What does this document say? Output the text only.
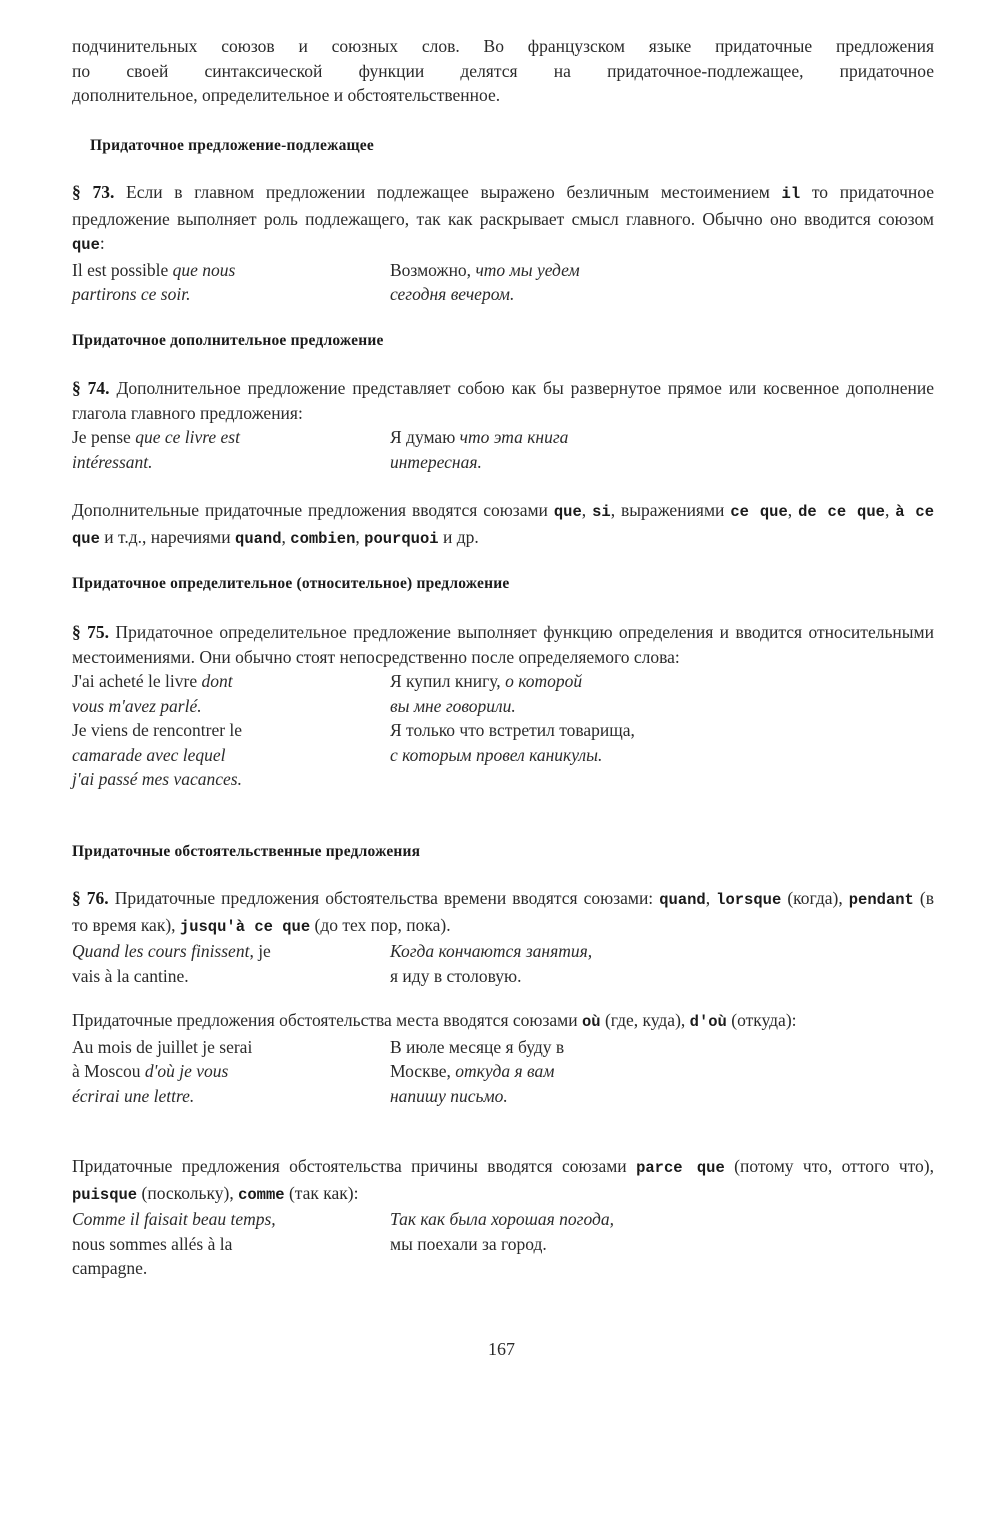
подчинительных союзов и союзных слов. Во французском языке придаточные предложения

по своей синтаксической функции делятся на придаточное-подлежащее, придаточное

дополнительное, определительное и обстоятельственное.

Придаточное предложение-подлежащее

§ 73. Если в главном предложении подлежащее выражено безличным местоимением il то придаточное предложение выполняет роль подлежащего, так как раскрывает смысл главного. Обычно оно вводится союзом que:

Il est possible que nous	Возможно, что мы уедем
partirons ce soir.	сегодня вечером.

Придаточное дополнительное предложение

§ 74. Дополнительное предложение представляет собою как бы развернутое прямое или косвенное дополнение глагола главного предложения:

Je pense que ce livre est	Я думаю что эта книга
intéressant.	интересная.

Дополнительные придаточные предложения вводятся союзами que, si, выражениями ce que, de ce que, à ce que и т.д., наречиями quand, combien, pourquoi и др.

Придаточное определительное (относительное) предложение

§ 75. Придаточное определительное предложение выполняет функцию определения и вводится относительными местоимениями. Они обычно стоят непосредственно после определяемого слова:

J'ai acheté le livre dont	Я купил книгу, о которой
vous m'avez parlé.	вы мне говорили.
Je viens de rencontrer le	Я только что встретил товарища,
camarade avec lequel	с которым провел каникулы.
j'ai passé mes vacances.

Придаточные обстоятельственные предложения

§ 76. Придаточные предложения обстоятельства времени вводятся союзами: quand, lorsque (когда), pendant (в то время как), jusqu'à ce que (до тех пор, пока).

Quand les cours finissent, je	Когда кончаются занятия,
vais à la cantine.	я иду в столовую.

Придаточные предложения обстоятельства места вводятся союзами où (где, куда), d'où (откуда):

Au mois de juillet je serai	В июле месяце я буду в
à Moscou d'où je vous	Москве, откуда я вам
écrirai une lettre.	напишу письмо.

Придаточные предложения обстоятельства причины вводятся союзами parce que (потому что, оттого что), puisque (поскольку), comme (так как):

Comme il faisait beau temps,	Так как была хорошая погода,
nous sommes allés à la	мы поехали за город.
campagne.
167
